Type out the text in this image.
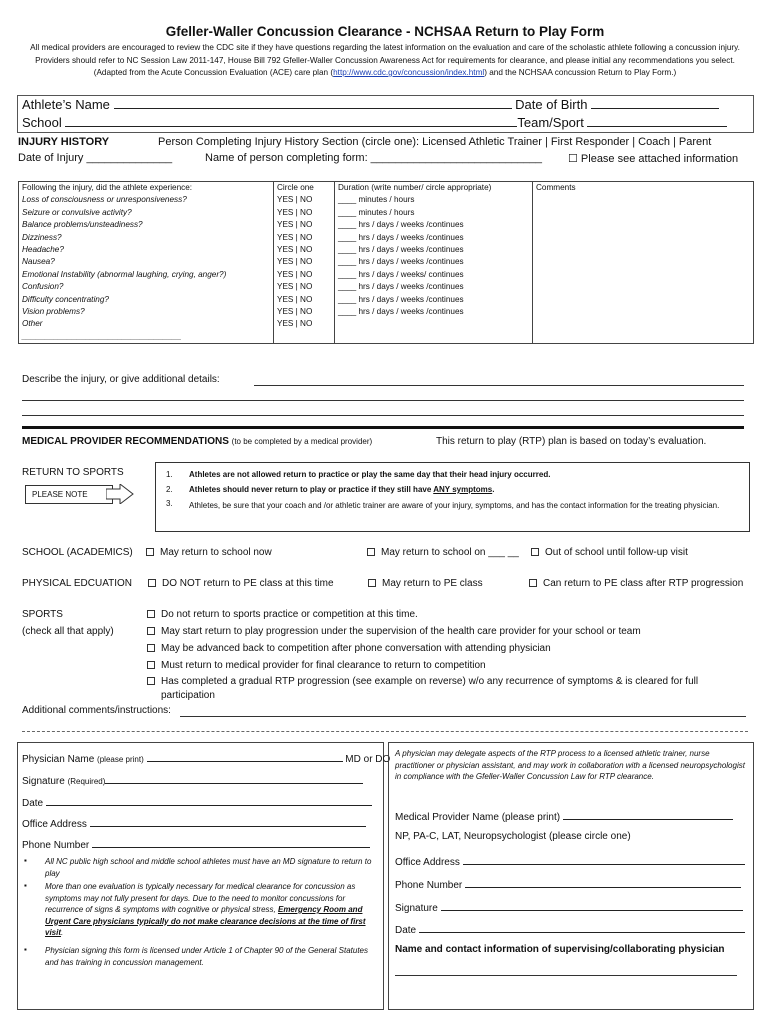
Gfeller-Waller Concussion Clearance - NCHSAA Return to Play Form
All medical providers are encouraged to review the CDC site if they have questions regarding the latest information on the evaluation and care of the scholastic athlete following a concussion injury. Providers should refer to NC Session Law 2011-147, House Bill 792 Gfeller-Waller Concussion Awareness Act for requirements for clearance, and please initial any recommendations you select. (Adapted from the Acute Concussion Evaluation (ACE) care plan (http://www.cdc.gov/concussion/index.html) and the NCHSAA concussion Return to Play Form.)
Athlete’s Name	Date of Birth
School	Team/Sport
INJURY HISTORY	Person Completing Injury History Section (circle one): Licensed Athletic Trainer | First Responder | Coach | Parent
Date of Injury ______________	Name of person completing form: ____________________________ ☐ Please see attached information
Following the injury, did the athlete experience:	Circle one	Duration (write number/ circle appropriate)	Comments
Loss of consciousness or unresponsiveness?	YES | NO	____ minutes / hours	
Seizure or convulsive activity?	YES | NO	____ minutes / hours	
Balance problems/unsteadiness?	YES | NO	____ hrs / days / weeks /continues	
Dizziness?	YES | NO	____ hrs / days / weeks /continues	
Headache?	YES | NO	____ hrs / days / weeks /continues	
Nausea?	YES | NO	____ hrs / days / weeks /continues	
Emotional Instability (abnormal laughing, crying, anger?)	YES | NO	____ hrs / days / weeks/ continues	
Confusion?	YES | NO	____ hrs / days / weeks /continues	
Difficulty concentrating?	YES | NO	____ hrs / days / weeks /continues	
Vision problems?	YES | NO	____ hrs / days / weeks /continues	
Other	YES | NO		
___________________________________			
Describe the injury, or give additional details:
MEDICAL PROVIDER RECOMMENDATIONS (to be completed by a medical provider)	This return to play (RTP) plan is based on today’s evaluation.
RETURN TO SPORTS
PLEASE NOTE
1. Athletes are not allowed return to practice or play the same day that their head injury occurred.
2. Athletes should never return to play or practice if they still have ANY symptoms.
3. Athletes, be sure that your coach and /or athletic trainer are aware of your injury, symptoms, and has the contact information for the treating physician.
SCHOOL (ACADEMICS)	May return to school now	May return to school on ___ __	Out of school until follow-up visit
PHYSICAL EDCUATION	DO NOT return to PE class at this time	May return to PE class	Can return to PE class after RTP progression
SPORTS
(check all that apply)
Do not return to sports practice or competition at this time.
May start return to play progression under the supervision of the health care provider for your school or team
May be advanced back to competition after phone conversation with attending physician
Must return to medical provider for final clearance to return to competition
Has completed a gradual RTP progression (see example on reverse) w/o any recurrence of symptoms & is cleared for full
participation
Additional comments/instructions:
Physician Name (please print)	MD or DO
Signature (Required)
Date
Office Address
Phone Number
▪ All NC public high school and middle school athletes must have an MD signature to return to play
▪ More than one evaluation is typically necessary for medical clearance for concussion as symptoms may not fully present for days. Due to the need to monitor concussions for recurrence of signs & symptoms with cognitive or physical stress, Emergency Room and Urgent Care physicians typically do not make clearance decisions at the time of first visit.
▪ Physician signing this form is licensed under Article 1 of Chapter 90 of the General Statutes and has training in concussion management.
A physician may delegate aspects of the RTP process to a licensed athletic trainer, nurse practitioner or physician assistant, and may work in collaboration with a licensed neuropsychologist in compliance with the Gfeller-Waller Concussion Law for RTP clearance.
Medical Provider Name (please print)
NP, PA-C, LAT, Neuropsychologist (please circle one)
Office Address
Phone Number
Signature
Date
Name and contact information of supervising/collaborating physician
